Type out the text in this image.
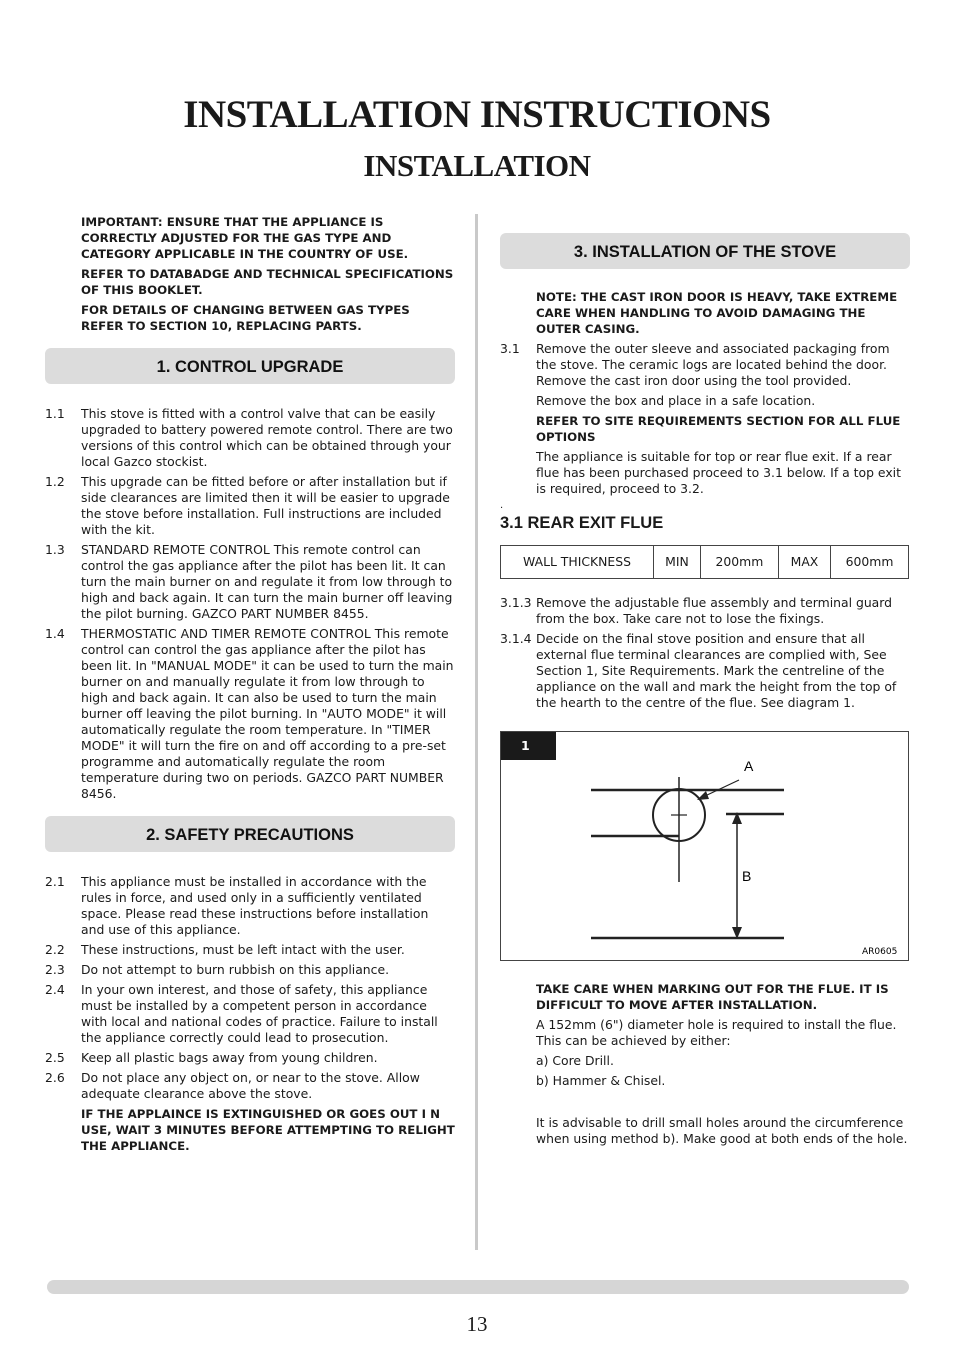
INSTALLATION INSTRUCTIONS
INSTALLATION

IMPORTANT: ENSURE THAT THE APPLIANCE IS CORRECTLY ADJUSTED FOR THE GAS TYPE AND CATEGORY APPLICABLE IN THE COUNTRY OF USE.

REFER TO DATABADGE AND TECHNICAL SPECIFICATIONS OF THIS BOOKLET.

FOR DETAILS OF CHANGING BETWEEN GAS TYPES REFER TO SECTION 10, REPLACING PARTS.

1. CONTROL UPGRADE
1.1	This stove is fitted with a control valve that can be easily upgraded to battery powered remote control. There are two versions of this control which can be obtained through your local Gazco stockist.
1.2	This upgrade can be fitted before or after installation but if side clearances are limited then it will be easier to upgrade the stove before installation. Full instructions are included with the kit.
1.3	STANDARD REMOTE CONTROL This remote control can control the gas appliance after the pilot has been lit. It can turn the main burner on and regulate it from low through to high and back again. It can turn the main burner off leaving the pilot burning. GAZCO PART NUMBER 8455.
1.4	THERMOSTATIC AND TIMER REMOTE CONTROL This remote control can control the gas appliance after the pilot has been lit. In "MANUAL MODE" it can be used to turn the main burner on and manually regulate it from low through to high and back again. It can also be used to turn the main burner off leaving the pilot burning. In "AUTO MODE" it will automatically regulate the room temperature. In "TIMER MODE" it will turn the fire on and off according to a pre-set programme and automatically regulate the room temperature during two on periods. GAZCO PART NUMBER 8456.
2. SAFETY PRECAUTIONS
2.1	This appliance must be installed in accordance with the rules in force, and used only in a sufficiently ventilated space. Please read these instructions before installation and use of this appliance.
2.2	These instructions, must be left intact with the user.
2.3	Do not attempt to burn rubbish on this appliance.
2.4	In your own interest, and those of safety, this appliance must be installed by a competent person in accordance with local and national codes of practice. Failure to install the appliance correctly could lead to prosecution.
2.5	Keep all plastic bags away from young children.
2.6	Do not place any object on, or near to the stove. Allow adequate clearance above the stove.

IF THE APPLAINCE IS EXTINGUISHED OR GOES OUT I N USE, WAIT 3 MINUTES BEFORE ATTEMPTING TO RELIGHT THE APPLIANCE.

3. INSTALLATION OF THE STOVE

NOTE: THE CAST IRON DOOR IS HEAVY, TAKE EXTREME CARE WHEN HANDLING TO AVOID DAMAGING THE OUTER CASING.

3.1	Remove the outer sleeve and associated packaging from the stove. The ceramic logs are located behind the door. Remove the cast iron door using the tool provided.

Remove the box and place in a safe location.

REFER TO SITE REQUIREMENTS SECTION FOR ALL FLUE OPTIONS

The appliance is suitable for top or rear flue exit. If a rear flue has been purchased proceed to 3.1 below. If a top exit is required, proceed to 3.2.

.

3.1 REAR EXIT FLUE

WALL THICKNESS	MIN	200mm	MAX	600mm
3.1.3 Remove the adjustable flue assembly and terminal guard from the box. Take care not to lose the fixings.
3.1.4 Decide on the final stove position and ensure that all external flue terminal clearances are complied with, See Section 1, Site Requirements. Mark the centreline of the appliance on the wall and mark the height from the top of the hearth to the centre of the flue. See diagram 1.
1
A
B
AR0605

TAKE CARE WHEN MARKING OUT FOR THE FLUE. IT IS DIFFICULT TO MOVE AFTER INSTALLATION.

A 152mm (6") diameter hole is required to install the flue. This can be achieved by either:

a) Core Drill.

b) Hammer & Chisel.

It is advisable to drill small holes around the circumference when using method b). Make good at both ends of the hole.

13
